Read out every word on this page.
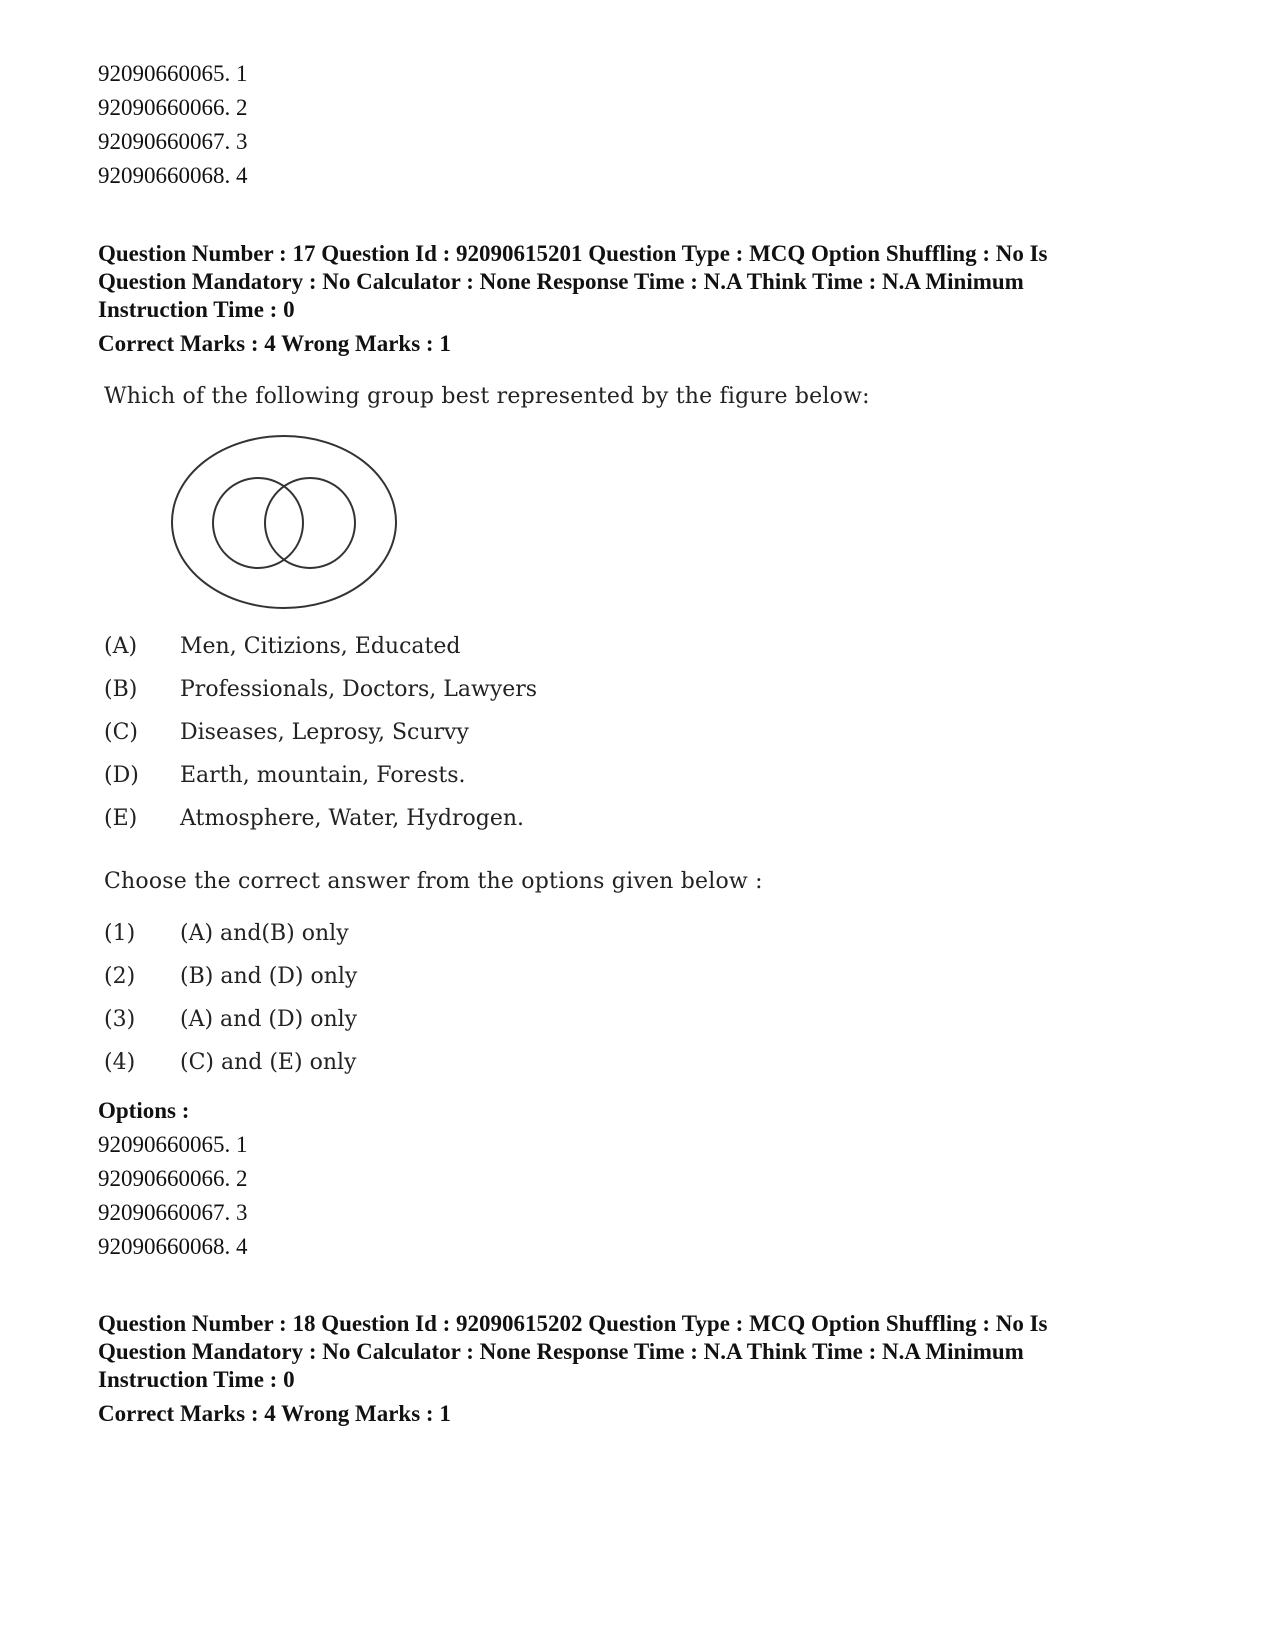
92090660065. 1
92090660066. 2
92090660067. 3
92090660068. 4
Question Number : 17 Question Id : 92090615201 Question Type : MCQ Option Shuffling : No Is
Question Mandatory : No Calculator : None Response Time : N.A Think Time : N.A Minimum
Instruction Time : 0
Correct Marks : 4 Wrong Marks : 1
Which of the following group best represented by the figure below:
(A) Men, Citizions, Educated
(B) Professionals, Doctors, Lawyers
(C) Diseases, Leprosy, Scurvy
(D) Earth, mountain, Forests.
(E) Atmosphere, Water, Hydrogen.
Choose the correct answer from the options given below :
(1) (A) and(B) only
(2) (B) and (D) only
(3) (A) and (D) only
(4) (C) and (E) only
Options :
92090660065. 1
92090660066. 2
92090660067. 3
92090660068. 4
Question Number : 18 Question Id : 92090615202 Question Type : MCQ Option Shuffling : No Is
Question Mandatory : No Calculator : None Response Time : N.A Think Time : N.A Minimum
Instruction Time : 0
Correct Marks : 4 Wrong Marks : 1
